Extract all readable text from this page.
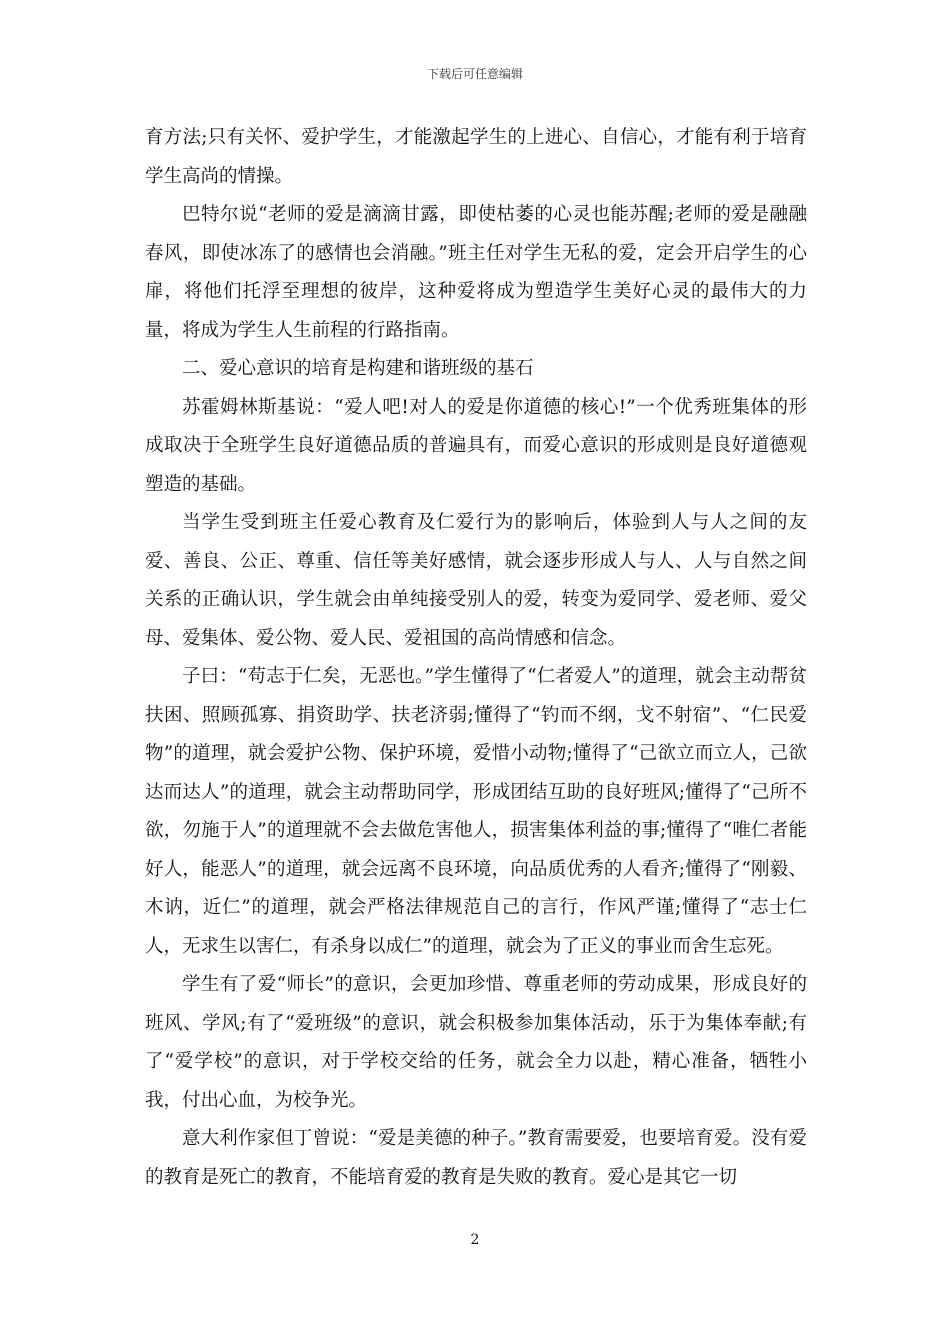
下载后可任意编辑

育方法;只有关怀、爱护学生，才能激起学生的上进心、自信心，才能有利于培育学生高尚的情操。

巴特尔说“老师的爱是滴滴甘露，即使枯萎的心灵也能苏醒;老师的爱是融融春风，即使冰冻了的感情也会消融。”班主任对学生无私的爱，定会开启学生的心扉，将他们托浮至理想的彼岸，这种爱将成为塑造学生美好心灵的最伟大的力量，将成为学生人生前程的行路指南。

二、爱心意识的培育是构建和谐班级的基石

苏霍姆林斯基说：“爱人吧!对人的爱是你道德的核心!”一个优秀班集体的形成取决于全班学生良好道德品质的普遍具有，而爱心意识的形成则是良好道德观塑造的基础。

当学生受到班主任爱心教育及仁爱行为的影响后，体验到人与人之间的友爱、善良、公正、尊重、信任等美好感情，就会逐步形成人与人、人与自然之间关系的正确认识，学生就会由单纯接受别人的爱，转变为爱同学、爱老师、爱父母、爱集体、爱公物、爱人民、爱祖国的高尚情感和信念。

子曰：“苟志于仁矣，无恶也。”学生懂得了“仁者爱人”的道理，就会主动帮贫扶困、照顾孤寡、捐资助学、扶老济弱;懂得了“钓而不纲，戈不射宿”、“仁民爱物”的道理，就会爱护公物、保护环境，爱惜小动物;懂得了“己欲立而立人，己欲达而达人”的道理，就会主动帮助同学，形成团结互助的良好班风;懂得了“己所不欲，勿施于人”的道理就不会去做危害他人，损害集体利益的事;懂得了“唯仁者能好人，能恶人”的道理，就会远离不良环境，向品质优秀的人看齐;懂得了“刚毅、木讷，近仁”的道理，就会严格法律规范自己的言行，作风严谨;懂得了“志士仁人，无求生以害仁，有杀身以成仁”的道理，就会为了正义的事业而舍生忘死。

学生有了爱“师长”的意识，会更加珍惜、尊重老师的劳动成果，形成良好的班风、学风;有了“爱班级”的意识，就会积极参加集体活动，乐于为集体奉献;有了“爱学校”的意识，对于学校交给的任务，就会全力以赴，精心准备，牺牲小我，付出心血，为校争光。

意大利作家但丁曾说：“爱是美德的种子。”教育需要爱，也要培育爱。没有爱的教育是死亡的教育，不能培育爱的教育是失败的教育。爱心是其它一切

2
